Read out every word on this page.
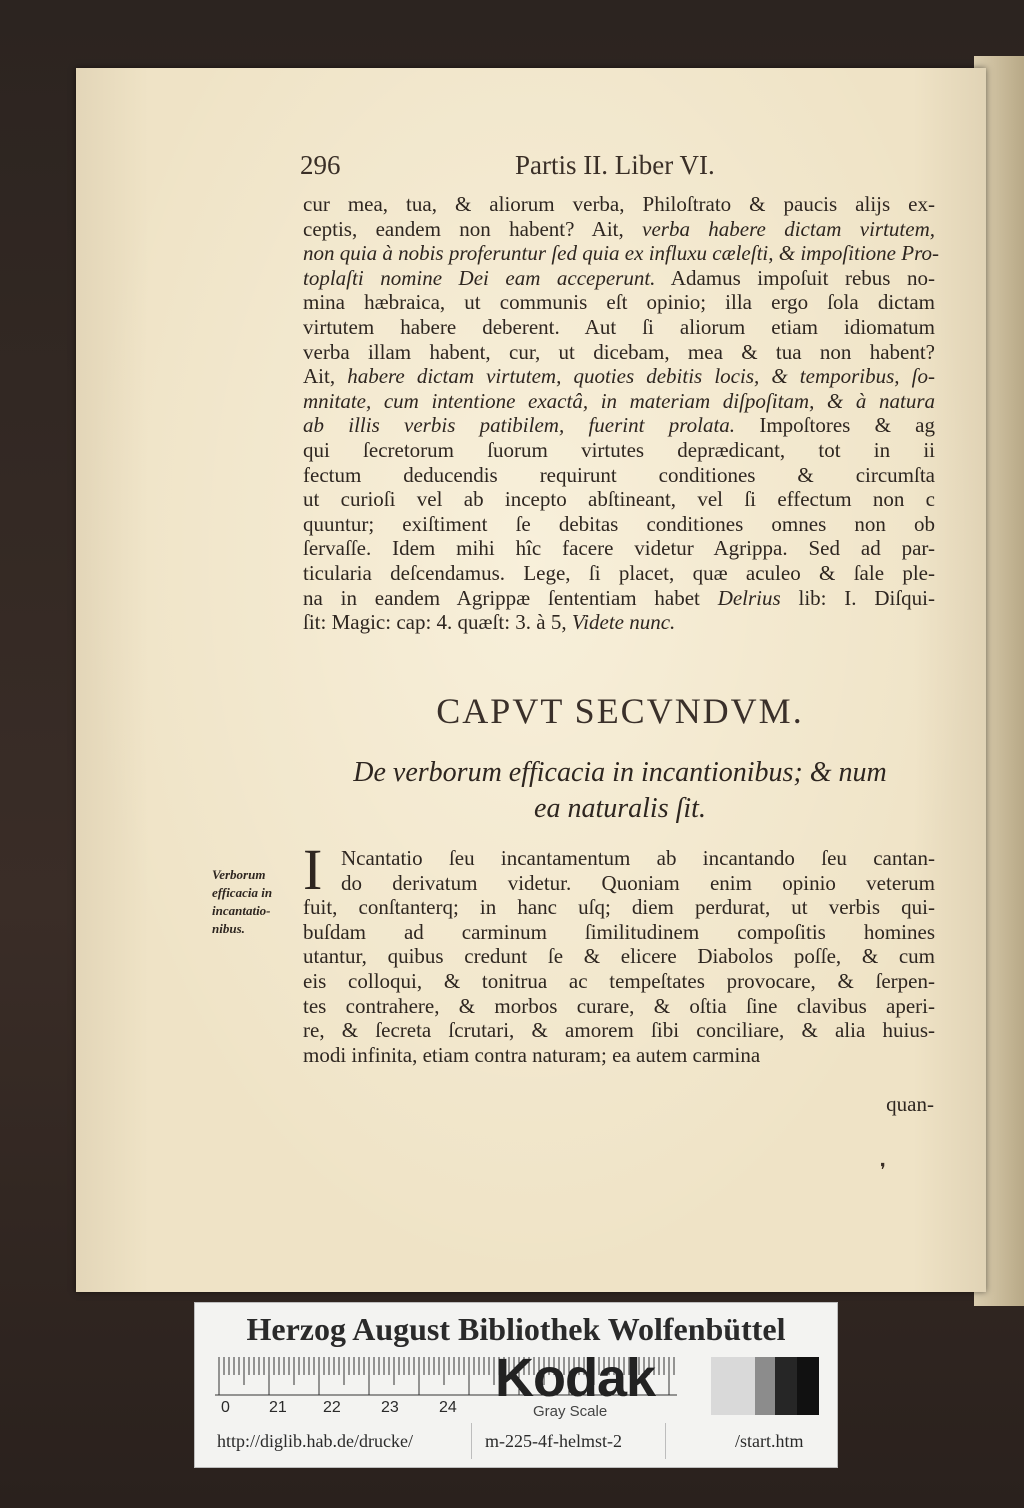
296	Partis II. Liber VI.
cur mea, tua, & aliorum verba, Philoſtrato & paucis alijs ex-
ceptis, eandem non habent? Ait, verba habere dictam virtutem,
non quia à nobis proferuntur ſed quia ex influxu cæleſti, & impoſitione Pro-
toplaſti nomine Dei eam acceperunt. Adamus impoſuit rebus no-
mina hæbraica, ut communis eſt opinio; illa ergo ſola dictam
virtutem habere deberent. Aut ſi aliorum etiam idiomatum
verba illam habent, cur, ut dicebam, mea & tua non habent?
Ait, habere dictam virtutem, quoties debitis locis, & temporibus, ſo-
mnitate, cum intentione exactâ, in materiam diſpoſitam, & à natura
ab illis verbis patibilem, fuerint prolata. Impoſtores & ag
qui ſecretorum ſuorum virtutes deprædicant, tot in ii
fectum deducendis requirunt conditiones & circumſta
ut curioſi vel ab incepto abſtineant, vel ſi effectum non c
quuntur; exiſtiment ſe debitas conditiones omnes non ob
ſervaſſe. Idem mihi hîc facere videtur Agrippa. Sed ad par-
ticularia deſcendamus. Lege, ſi placet, quæ aculeo & ſale ple-
na in eandem Agrippæ ſententiam habet Delrius lib: I. Diſqui-
ſit: Magic: cap: 4. quæſt: 3. à 5, Videte nunc.
CAPVT SECVNDVM.
De verborum efficacia in incantionibus; & num
ea naturalis ſit.
Verborum
efficacia in
incantatio-
nibus.
I Ncantatio ſeu incantamentum ab incantando ſeu cantan-
do derivatum videtur. Quoniam enim opinio veterum
fuit, conſtanterq; in hanc uſq; diem perdurat, ut verbis qui-
buſdam ad carminum ſimilitudinem compoſitis homines
utantur, quibus credunt ſe & elicere Diabolos poſſe, & cum
eis colloqui, & tonitrua ac tempeſtates provocare, & ſerpen-
tes contrahere, & morbos curare, & oſtia ſine clavibus aperi-
re, & ſecreta ſcrutari, & amorem ſibi conciliare, & alia huius-
modi infinita, etiam contra naturam; ea autem carmina
quan-
❜
Herzog August Bibliothek Wolfenbüttel
0 21 22	23	24 Kodak
Gray Scale
http://diglib.hab.de/drucke/	m-225-4f-helmst-2	/start.htm
